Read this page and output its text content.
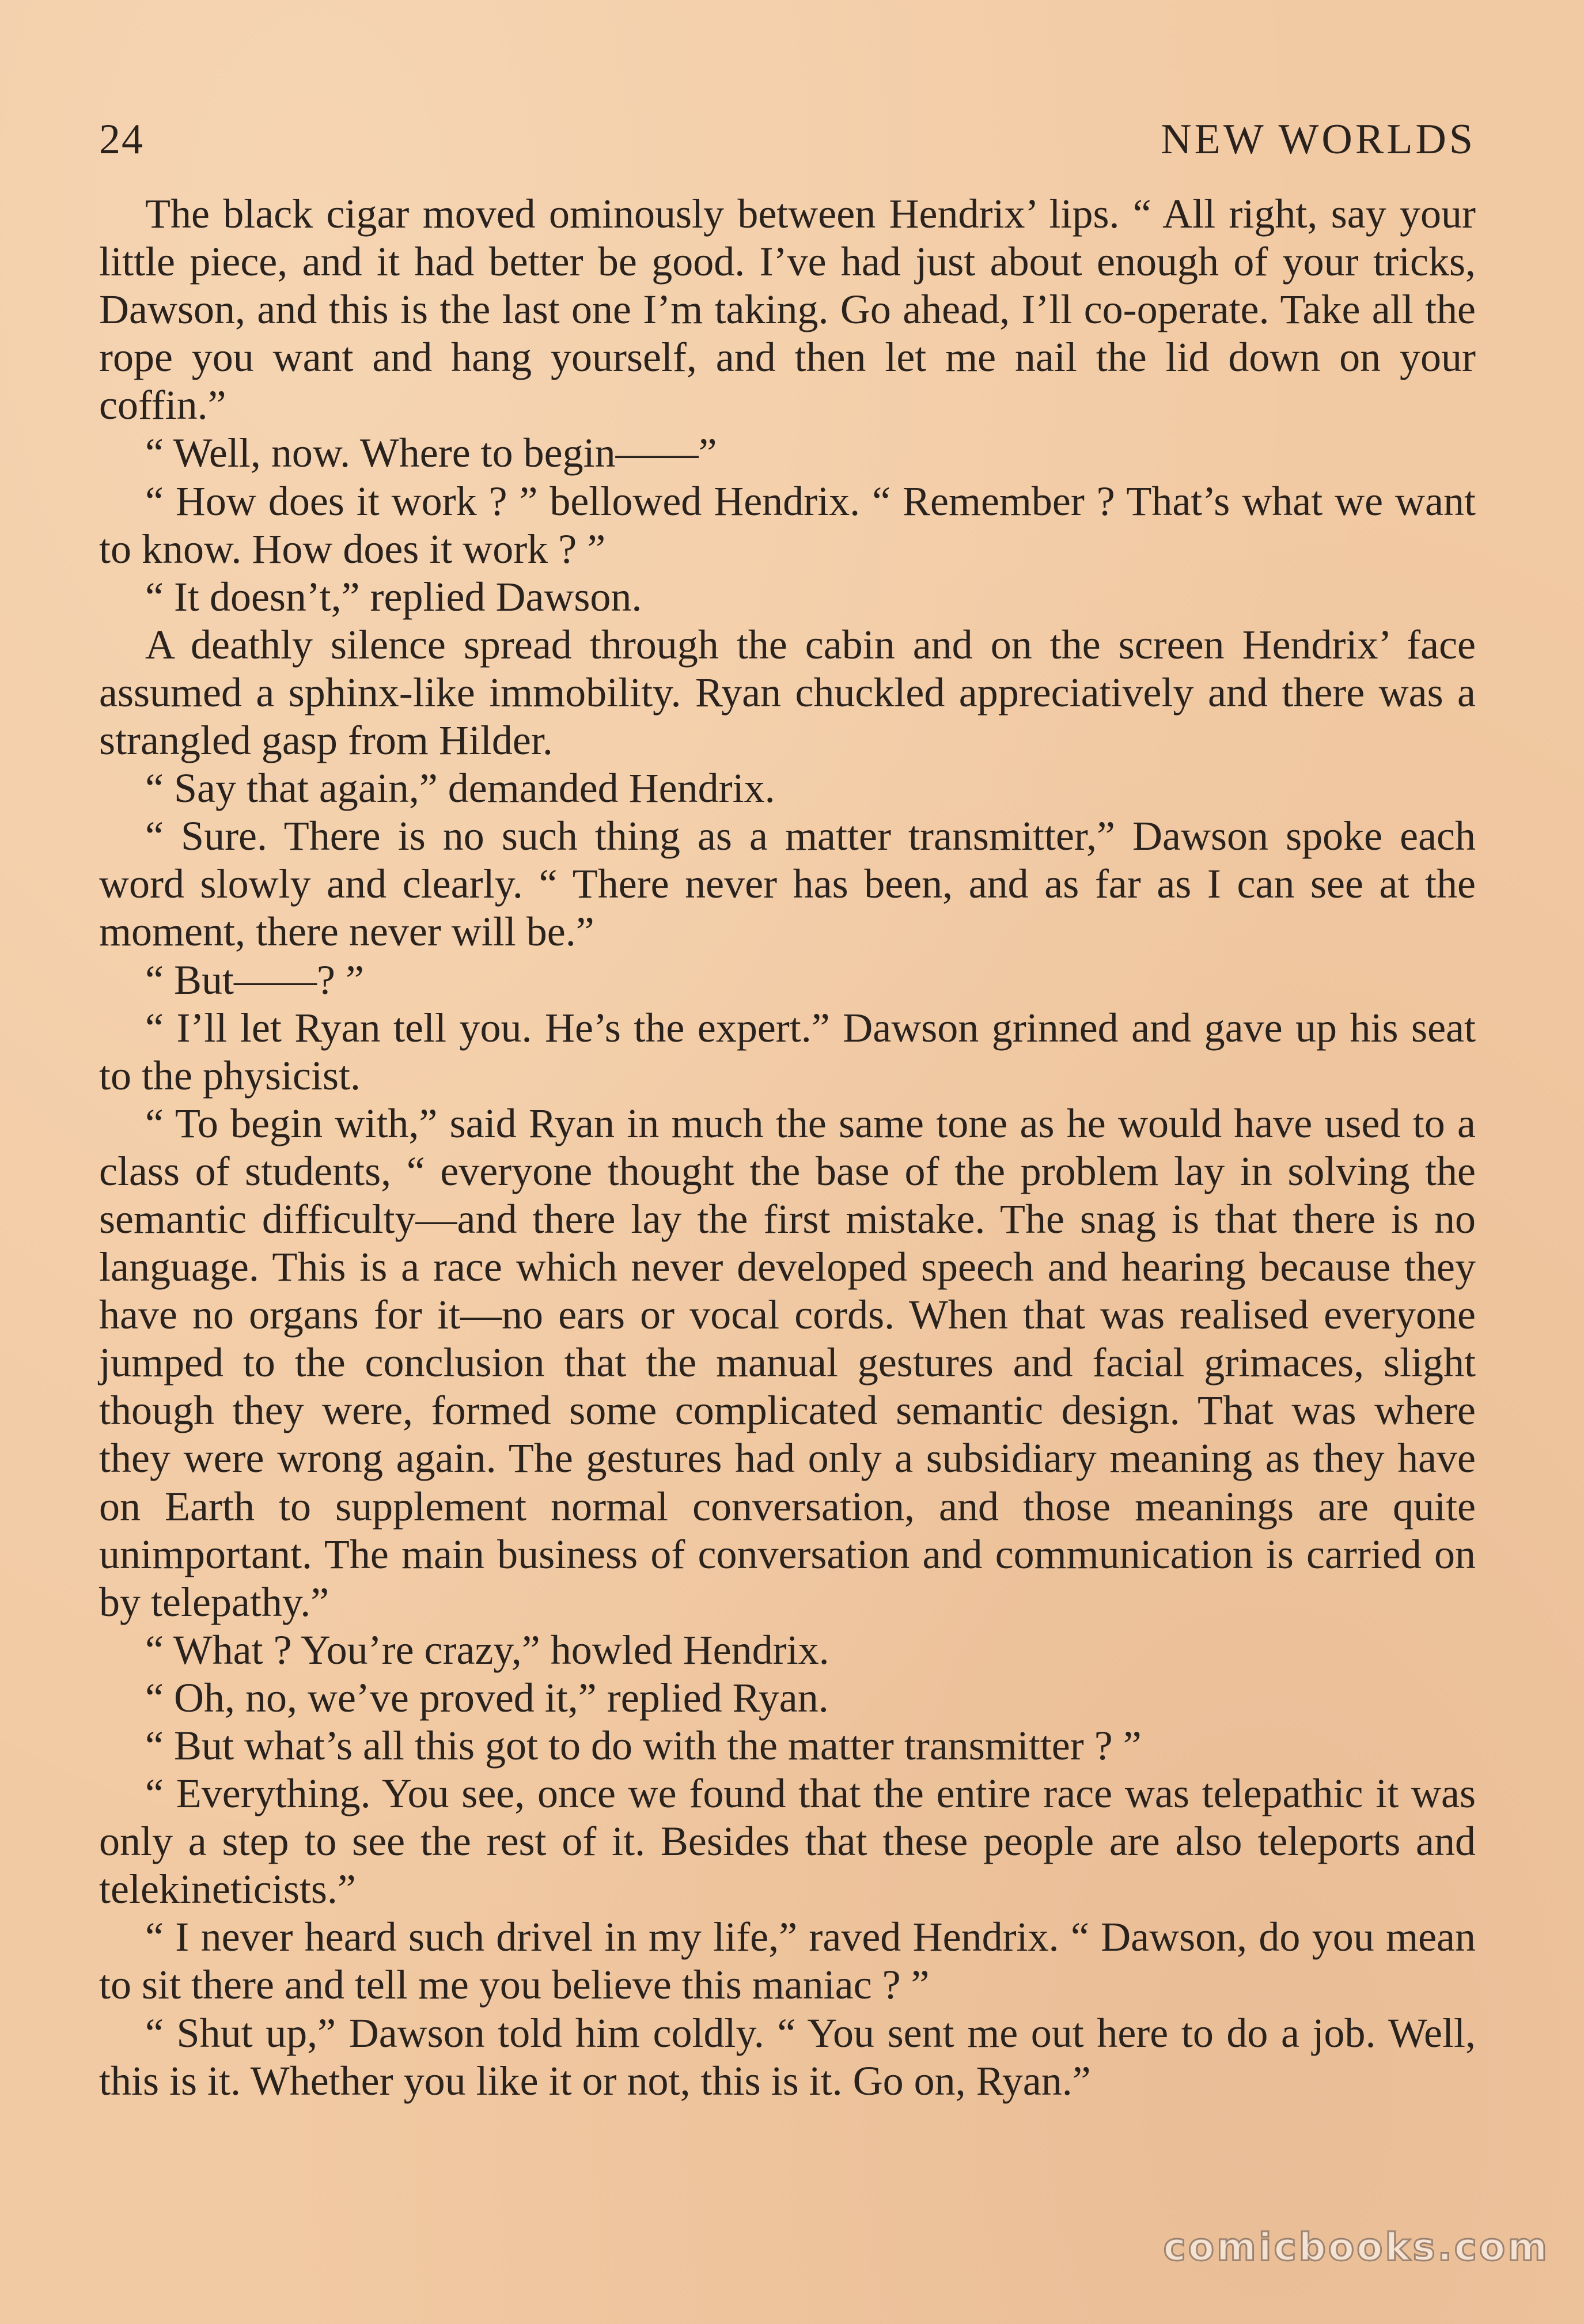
24	NEW WORLDS

The black cigar moved ominously between Hendrix’ lips. “ All right, say your little piece, and it had better be good. I’ve had just about enough of your tricks, Dawson, and this is the last one I’m taking. Go ahead, I’ll co-operate. Take all the rope you want and hang yourself, and then let me nail the lid down on your coffin.”

“ Well, now. Where to begin——”

“ How does it work ? ” bellowed Hendrix. “ Remember ? That’s what we want to know. How does it work ? ”

“ It doesn’t,” replied Dawson.

A deathly silence spread through the cabin and on the screen Hendrix’ face assumed a sphinx-like immobility. Ryan chuckled appreciatively and there was a strangled gasp from Hilder.

“ Say that again,” demanded Hendrix.

“ Sure. There is no such thing as a matter transmitter,” Dawson spoke each word slowly and clearly. “ There never has been, and as far as I can see at the moment, there never will be.”

“ But——? ”

“ I’ll let Ryan tell you. He’s the expert.” Dawson grinned and gave up his seat to the physicist.

“ To begin with,” said Ryan in much the same tone as he would have used to a class of students, “ everyone thought the base of the problem lay in solving the semantic difficulty—and there lay the first mistake. The snag is that there is no language. This is a race which never developed speech and hearing because they have no organs for it—no ears or vocal cords. When that was realised everyone jumped to the conclusion that the manual gestures and facial grimaces, slight though they were, formed some complicated semantic design. That was where they were wrong again. The gestures had only a subsidiary meaning as they have on Earth to supplement normal conversation, and those meanings are quite unimportant. The main business of conversation and communication is carried on by telepathy.”

“ What ? You’re crazy,” howled Hendrix.

“ Oh, no, we’ve proved it,” replied Ryan.

“ But what’s all this got to do with the matter transmitter ? ”

“ Everything. You see, once we found that the entire race was telepathic it was only a step to see the rest of it. Besides that these people are also teleports and telekineticists.”

“ I never heard such drivel in my life,” raved Hendrix. “ Dawson, do you mean to sit there and tell me you believe this maniac ? ”

“ Shut up,” Dawson told him coldly. “ You sent me out here to do a job. Well, this is it. Whether you like it or not, this is it. Go on, Ryan.”

comicbooks.com
